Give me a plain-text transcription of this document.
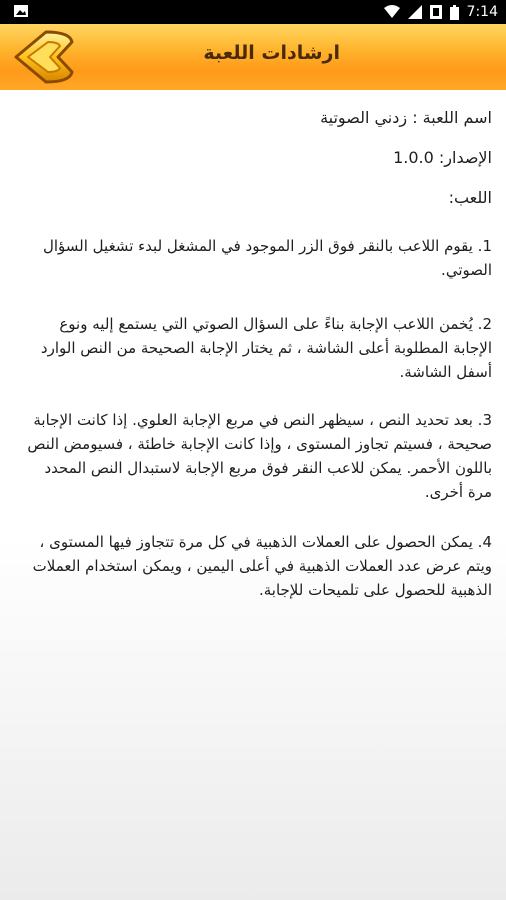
7:14
ارشادات اللعبة
اسم اللعبة : زدني الصوتية
الإصدار: 1.0.0
اللعب:
1. يقوم اللاعب بالنقر فوق الزر الموجود في المشغل لبدء تشغيل السؤال الصوتي.
2. يُخمن اللاعب الإجابة بناءً على السؤال الصوتي التي يستمع إليه ونوع الإجابة المطلوبة أعلى الشاشة ، ثم يختار الإجابة الصحيحة من النص الوارد أسفل الشاشة.
3. بعد تحديد النص ، سيظهر النص في مربع الإجابة العلوي. إذا كانت الإجابة صحيحة ، فسيتم تجاوز المستوى ، وإذا كانت الإجابة خاطئة ، فسيومض النص باللون الأحمر. يمكن للاعب النقر فوق مربع الإجابة لاستبدال النص المحدد مرة أخرى.
4. يمكن الحصول على العملات الذهبية في كل مرة تتجاوز فيها المستوى ، ويتم عرض عدد العملات الذهبية في أعلى اليمين ، ويمكن استخدام العملات الذهبية للحصول على تلميحات للإجابة.
